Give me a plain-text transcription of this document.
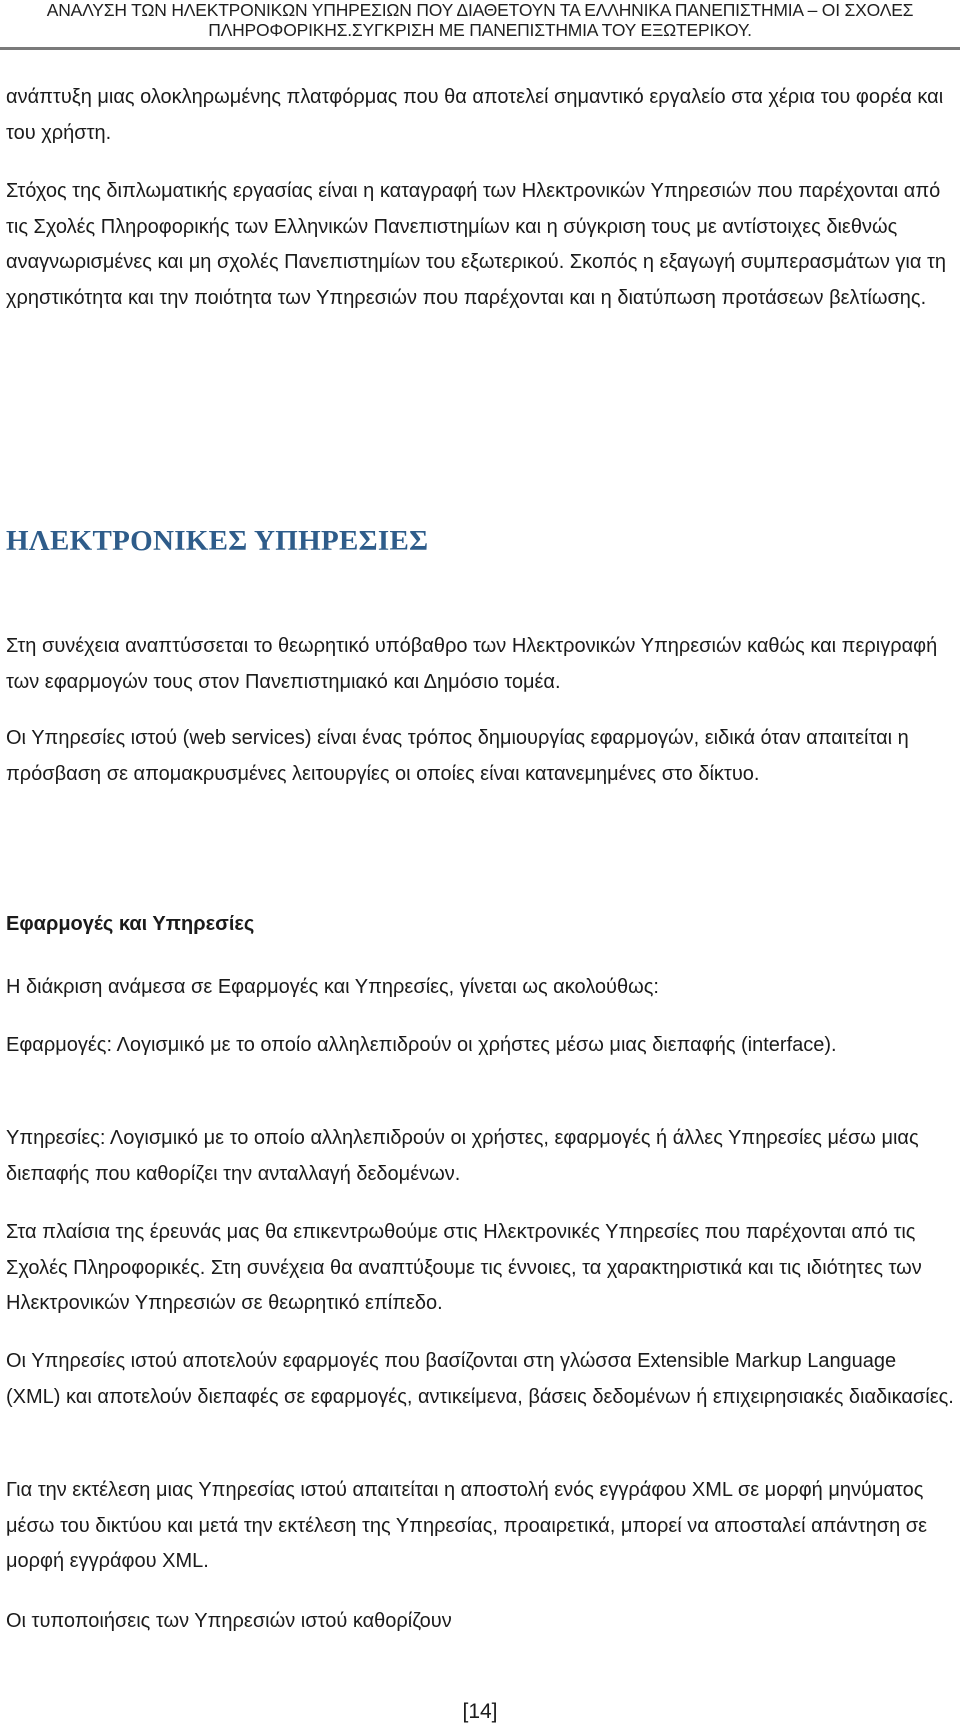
ΑΝΑΛΥΣΗ ΤΩΝ ΗΛΕΚΤΡΟΝΙΚΩΝ ΥΠΗΡΕΣΙΩΝ ΠΟΥ ΔΙΑΘΕΤΟΥΝ ΤΑ ΕΛΛΗΝΙΚΑ ΠΑΝΕΠΙΣΤΗΜΙΑ – ΟΙ ΣΧΟΛΕΣ
ΠΛΗΡΟΦΟΡΙΚΗΣ.ΣΥΓΚΡΙΣΗ ΜΕ ΠΑΝΕΠΙΣΤΗΜΙΑ ΤΟΥ ΕΞΩΤΕΡΙΚΟΥ.

ανάπτυξη μιας ολοκληρωμένης πλατφόρμας που θα αποτελεί σημαντικό εργαλείο στα χέρια του φορέα και του χρήστη.

Στόχος της διπλωματικής εργασίας είναι η καταγραφή των Ηλεκτρονικών Υπηρεσιών που παρέχονται από τις Σχολές Πληροφορικής των Ελληνικών Πανεπιστημίων και η σύγκριση τους με αντίστοιχες διεθνώς αναγνωρισμένες και μη σχολές Πανεπιστημίων του εξωτερικού. Σκοπός η εξαγωγή συμπερασμάτων για τη χρηστικότητα και την ποιότητα των Υπηρεσιών που παρέχονται και η διατύπωση προτάσεων βελτίωσης.

ΗΛΕΚΤΡΟΝΙΚΕΣ ΥΠΗΡΕΣΙΕΣ

Στη συνέχεια αναπτύσσεται το θεωρητικό υπόβαθρο των Ηλεκτρονικών Υπηρεσιών καθώς και περιγραφή των εφαρμογών τους στον Πανεπιστημιακό και Δημόσιο τομέα.

Οι Υπηρεσίες ιστού (web services) είναι ένας τρόπος δημιουργίας εφαρμογών, ειδικά όταν απαιτείται η πρόσβαση σε απομακρυσμένες λειτουργίες οι οποίες είναι κατανεμημένες στο δίκτυο.

Εφαρμογές και Υπηρεσίες

Η διάκριση ανάμεσα σε Εφαρμογές και Υπηρεσίες, γίνεται ως ακολούθως:

Εφαρμογές: Λογισμικό με το οποίο αλληλεπιδρούν οι χρήστες μέσω μιας διεπαφής (interface).

Υπηρεσίες: Λογισμικό με το οποίο αλληλεπιδρούν οι χρήστες, εφαρμογές ή άλλες Υπηρεσίες μέσω μιας διεπαφής που καθορίζει την ανταλλαγή δεδομένων.

Στα πλαίσια της έρευνάς μας θα επικεντρωθούμε στις Ηλεκτρονικές Υπηρεσίες που παρέχονται από τις Σχολές Πληροφορικές. Στη συνέχεια θα αναπτύξουμε τις έννοιες, τα χαρακτηριστικά και τις ιδιότητες των Ηλεκτρονικών Υπηρεσιών σε θεωρητικό επίπεδο.

Οι Υπηρεσίες ιστού αποτελούν εφαρμογές που βασίζονται στη γλώσσα Extensible Markup Language (XML) και αποτελούν διεπαφές σε εφαρμογές, αντικείμενα, βάσεις δεδομένων ή επιχειρησιακές διαδικασίες.

Για την εκτέλεση μιας Υπηρεσίας ιστού απαιτείται η αποστολή ενός εγγράφου XML σε μορφή μηνύματος μέσω του δικτύου και μετά την εκτέλεση της Υπηρεσίας, προαιρετικά, μπορεί να αποσταλεί απάντηση σε μορφή εγγράφου XML.

Οι τυποποιήσεις των Υπηρεσιών ιστού καθορίζουν

[14]
